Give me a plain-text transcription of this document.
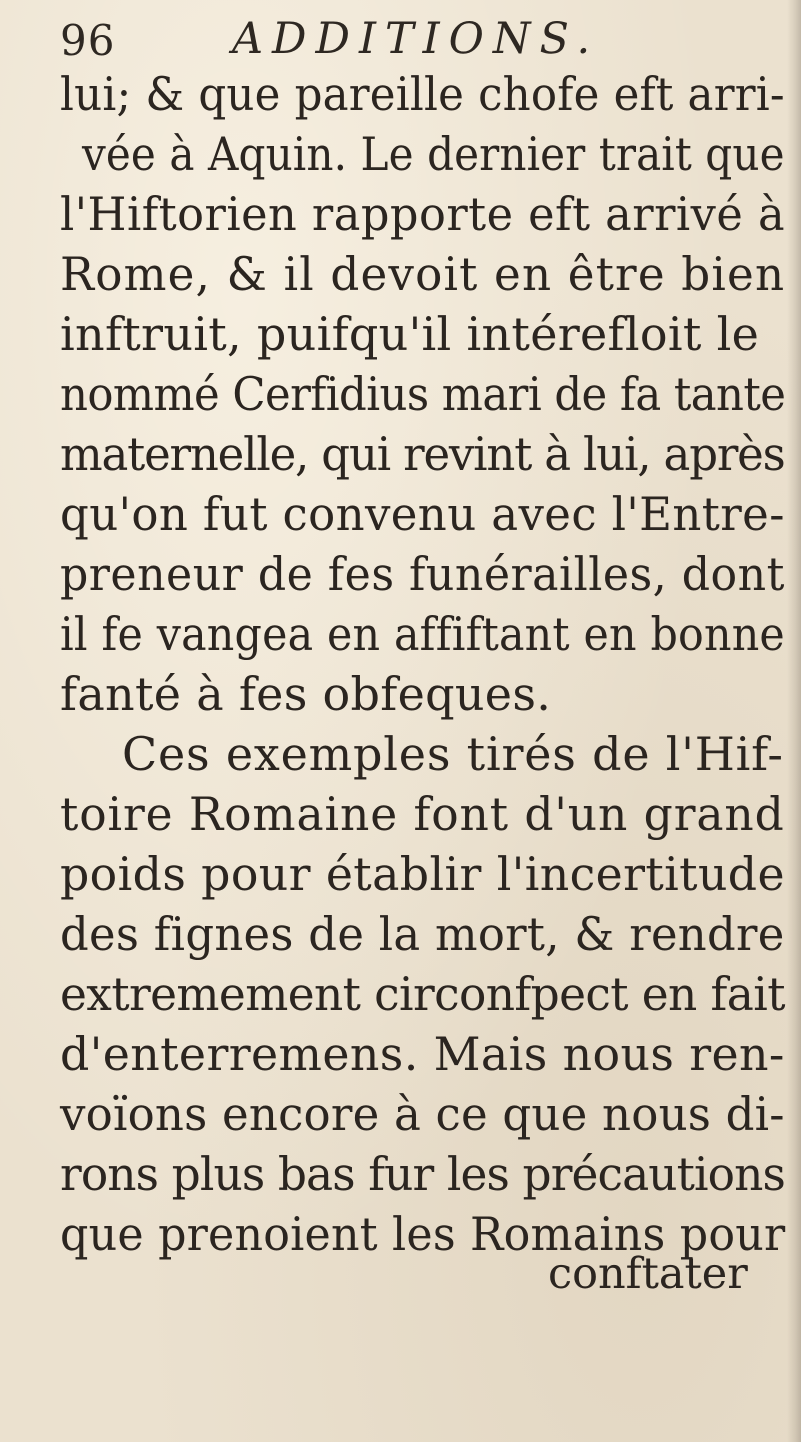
96	ADDITIONS.
lui; & que pareille chofe eft arri-
vée à Aquin. Le dernier trait que
l'Hiftorien rapporte eft arrivé à
Rome, & il devoit en être bien
inftruit, puifqu'il intérefloit le
nommé Cerfidius mari de fa tante
maternelle, qui revint à lui, après
qu'on fut convenu avec l'Entre-
preneur de fes funérailles, dont
il fe vangea en affiftant en bonne
fanté à fes obfeques.
Ces exemples tirés de l'Hif-
toire Romaine font d'un grand
poids pour établir l'incertitude
des fignes de la mort, & rendre
extremement circonfpect en fait
d'enterremens. Mais nous ren-
voïons encore à ce que nous di-
rons plus bas fur les précautions
que prenoient les Romains pour
conftater
